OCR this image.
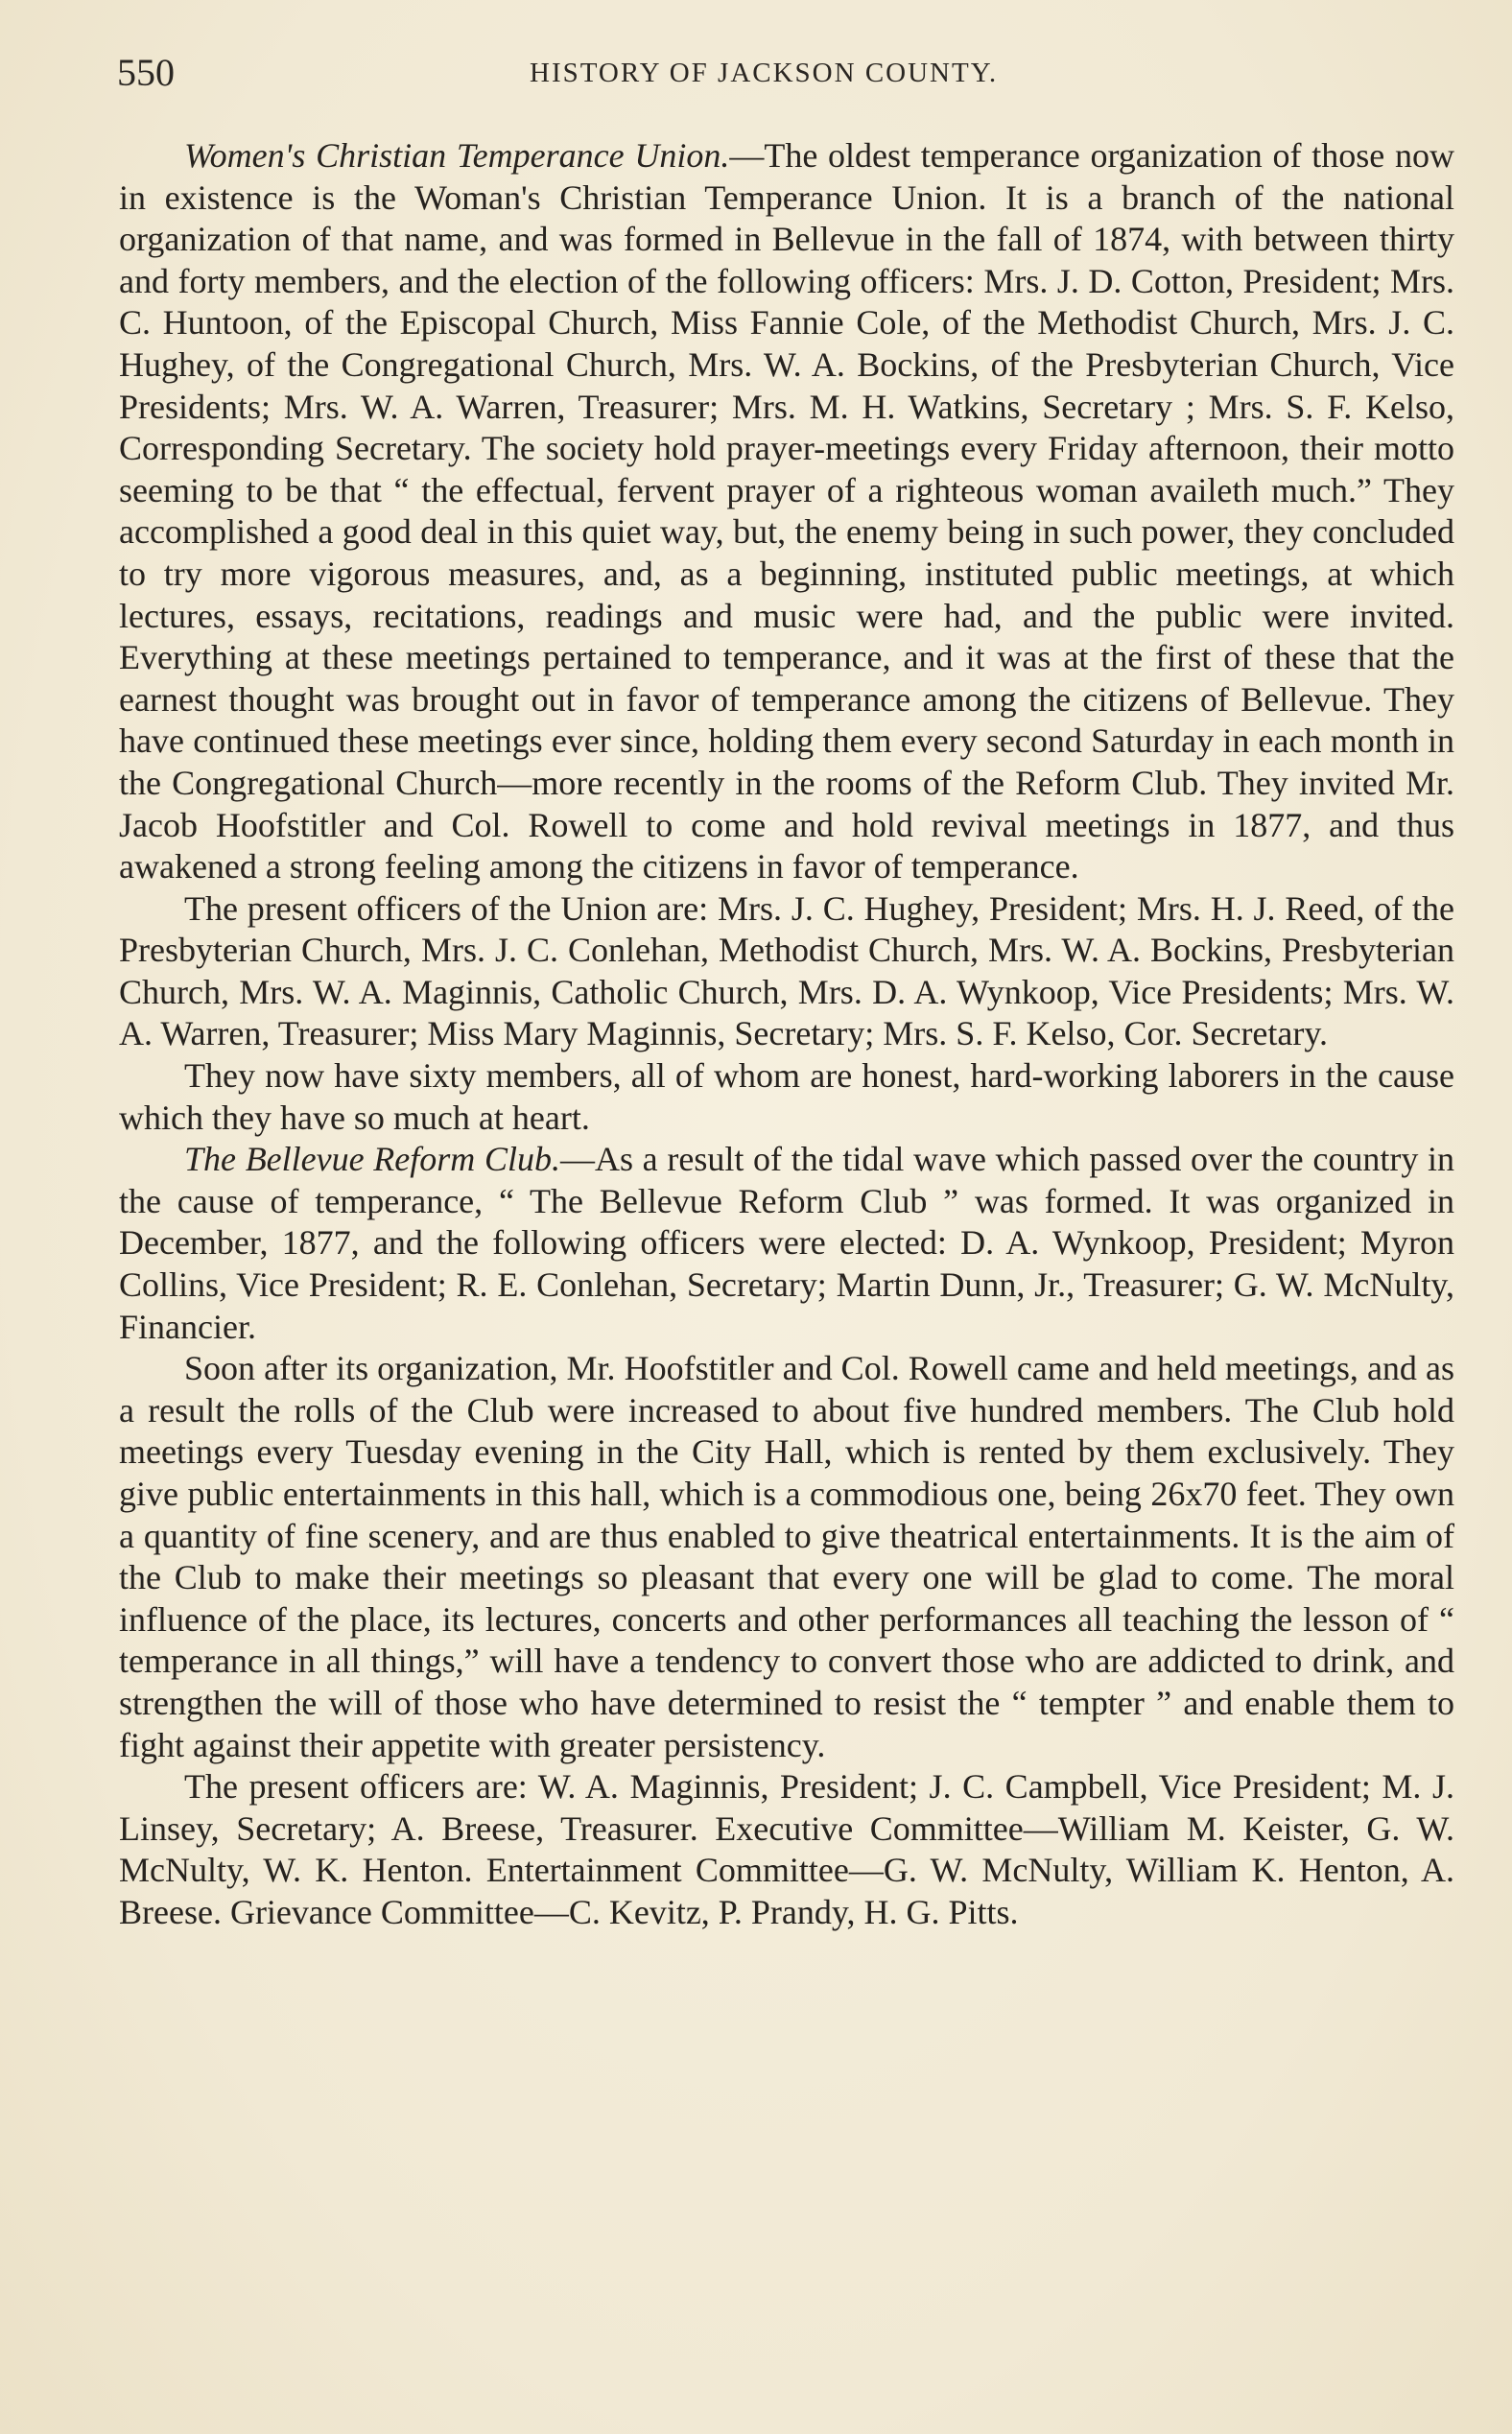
550	HISTORY OF JACKSON COUNTY.

Women's Christian Temperance Union.—The oldest temperance organization of those now in existence is the Woman's Christian Temperance Union. It is a branch of the national organization of that name, and was formed in Bellevue in the fall of 1874, with between thirty and forty members, and the election of the following officers: Mrs. J. D. Cotton, President; Mrs. C. Huntoon, of the Episcopal Church, Miss Fannie Cole, of the Methodist Church, Mrs. J. C. Hughey, of the Congregational Church, Mrs. W. A. Bockins, of the Presbyterian Church, Vice Presidents; Mrs. W. A. Warren, Treasurer; Mrs. M. H. Watkins, Secretary ; Mrs. S. F. Kelso, Corresponding Secretary. The society hold prayer-meetings every Friday afternoon, their motto seeming to be that “ the effectual, fervent prayer of a righteous woman availeth much.” They accomplished a good deal in this quiet way, but, the enemy being in such power, they concluded to try more vigorous measures, and, as a beginning, instituted public meetings, at which lectures, essays, recitations, readings and music were had, and the public were invited. Everything at these meetings pertained to temperance, and it was at the first of these that the earnest thought was brought out in favor of temperance among the citizens of Bellevue. They have continued these meetings ever since, holding them every second Saturday in each month in the Congregational Church—more recently in the rooms of the Reform Club. They invited Mr. Jacob Hoofstitler and Col. Rowell to come and hold revival meetings in 1877, and thus awakened a strong feeling among the citizens in favor of temperance.

The present officers of the Union are: Mrs. J. C. Hughey, President; Mrs. H. J. Reed, of the Presbyterian Church, Mrs. J. C. Conlehan, Methodist Church, Mrs. W. A. Bockins, Presbyterian Church, Mrs. W. A. Maginnis, Catholic Church, Mrs. D. A. Wynkoop, Vice Presidents; Mrs. W. A. Warren, Treasurer; Miss Mary Maginnis, Secretary; Mrs. S. F. Kelso, Cor. Secretary.

They now have sixty members, all of whom are honest, hard-working laborers in the cause which they have so much at heart.

The Bellevue Reform Club.—As a result of the tidal wave which passed over the country in the cause of temperance, “ The Bellevue Reform Club ” was formed. It was organized in December, 1877, and the following officers were elected: D. A. Wynkoop, President; Myron Collins, Vice President; R. E. Conlehan, Secretary; Martin Dunn, Jr., Treasurer; G. W. McNulty, Financier.

Soon after its organization, Mr. Hoofstitler and Col. Rowell came and held meetings, and as a result the rolls of the Club were increased to about five hundred members. The Club hold meetings every Tuesday evening in the City Hall, which is rented by them exclusively. They give public entertainments in this hall, which is a commodious one, being 26x70 feet. They own a quantity of fine scenery, and are thus enabled to give theatrical entertainments. It is the aim of the Club to make their meetings so pleasant that every one will be glad to come. The moral influence of the place, its lectures, concerts and other performances all teaching the lesson of “ temperance in all things,” will have a tendency to convert those who are addicted to drink, and strengthen the will of those who have determined to resist the “ tempter ” and enable them to fight against their appetite with greater persistency.

The present officers are: W. A. Maginnis, President; J. C. Campbell, Vice President; M. J. Linsey, Secretary; A. Breese, Treasurer. Executive Committee—William M. Keister, G. W. McNulty, W. K. Henton. Entertainment Committee—G. W. McNulty, William K. Henton, A. Breese. Grievance Committee—C. Kevitz, P. Prandy, H. G. Pitts.
